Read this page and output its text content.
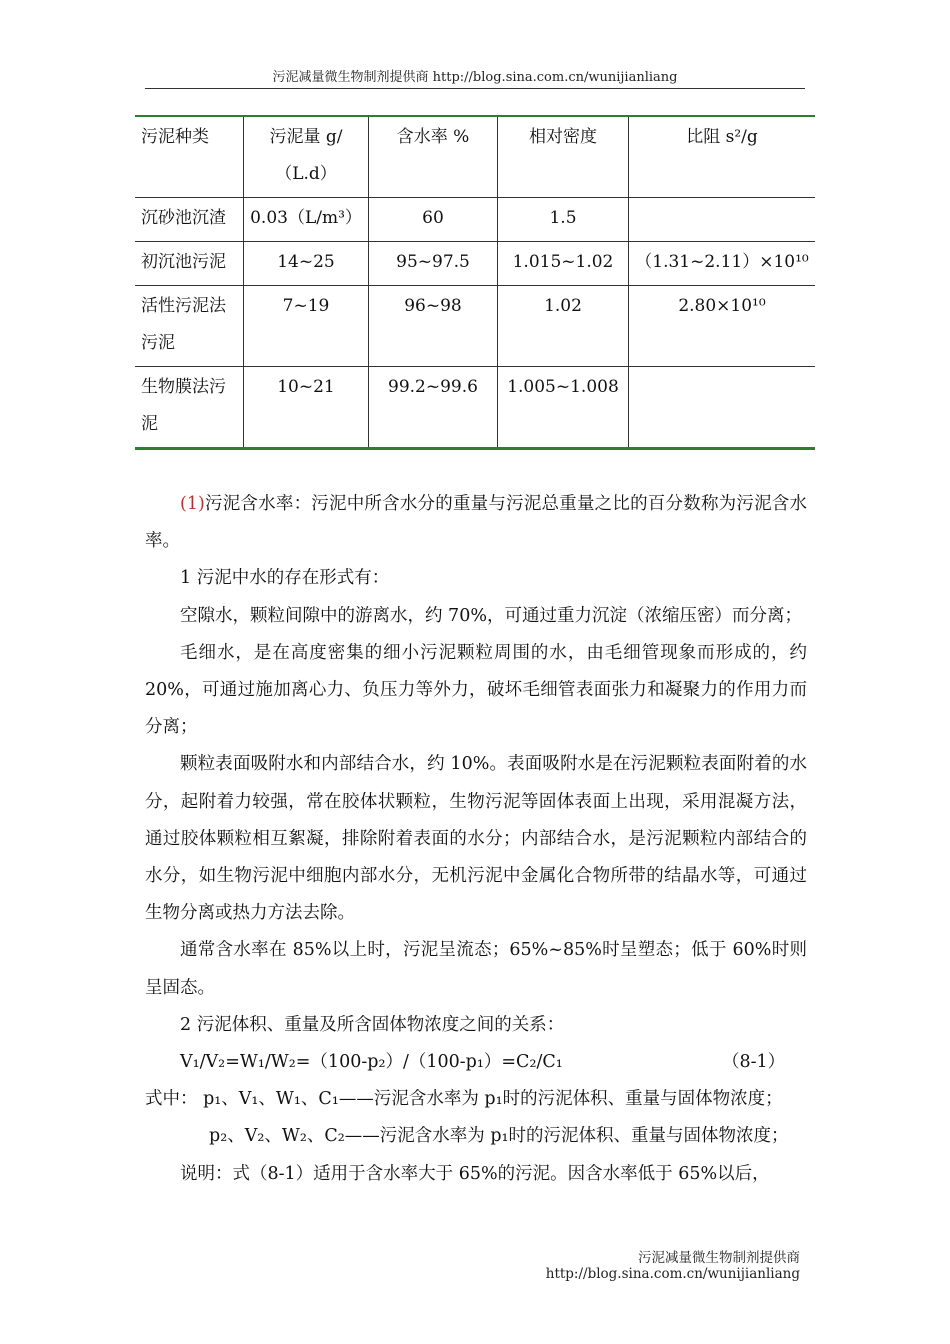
污泥减量微生物制剂提供商 http://blog.sina.com.cn/wunijianliang
污泥种类	污泥量 g/（L.d）	含水率 %	相对密度	比阻 s²/g
沉砂池沉渣	0.03（L/m³）	60	1.5	
初沉池污泥	14~25	95~97.5	1.015~1.02	（1.31~2.11）×10¹⁰
活性污泥法污泥	7~19	96~98	1.02	2.80×10¹⁰
生物膜法污泥	10~21	99.2~99.6	1.005~1.008	

(1)污泥含水率：污泥中所含水分的重量与污泥总重量之比的百分数称为污泥含水率。

1 污泥中水的存在形式有：

空隙水，颗粒间隙中的游离水，约 70%，可通过重力沉淀（浓缩压密）而分离；

毛细水，是在高度密集的细小污泥颗粒周围的水，由毛细管现象而形成的，约 20%，可通过施加离心力、负压力等外力，破坏毛细管表面张力和凝聚力的作用力而分离；

颗粒表面吸附水和内部结合水，约 10%。表面吸附水是在污泥颗粒表面附着的水分，起附着力较强，常在胶体状颗粒，生物污泥等固体表面上出现，采用混凝方法，通过胶体颗粒相互絮凝，排除附着表面的水分；内部结合水，是污泥颗粒内部结合的水分，如生物污泥中细胞内部水分，无机污泥中金属化合物所带的结晶水等，可通过生物分离或热力方法去除。

通常含水率在 85%以上时，污泥呈流态；65%~85%时呈塑态；低于 60%时则呈固态。

2 污泥体积、重量及所含固体物浓度之间的关系：

V₁/V₂=W₁/W₂=（100-p₂）/（100-p₁）=C₂/C₁	（8-1）

式中： p₁、V₁、W₁、C₁——污泥含水率为 p₁时的污泥体积、重量与固体物浓度；

p₂、V₂、W₂、C₂——污泥含水率为 p₁时的污泥体积、重量与固体物浓度；

说明：式（8-1）适用于含水率大于 65%的污泥。因含水率低于 65%以后，

污泥减量微生物制剂提供商 http://blog.sina.com.cn/wunijianliang
